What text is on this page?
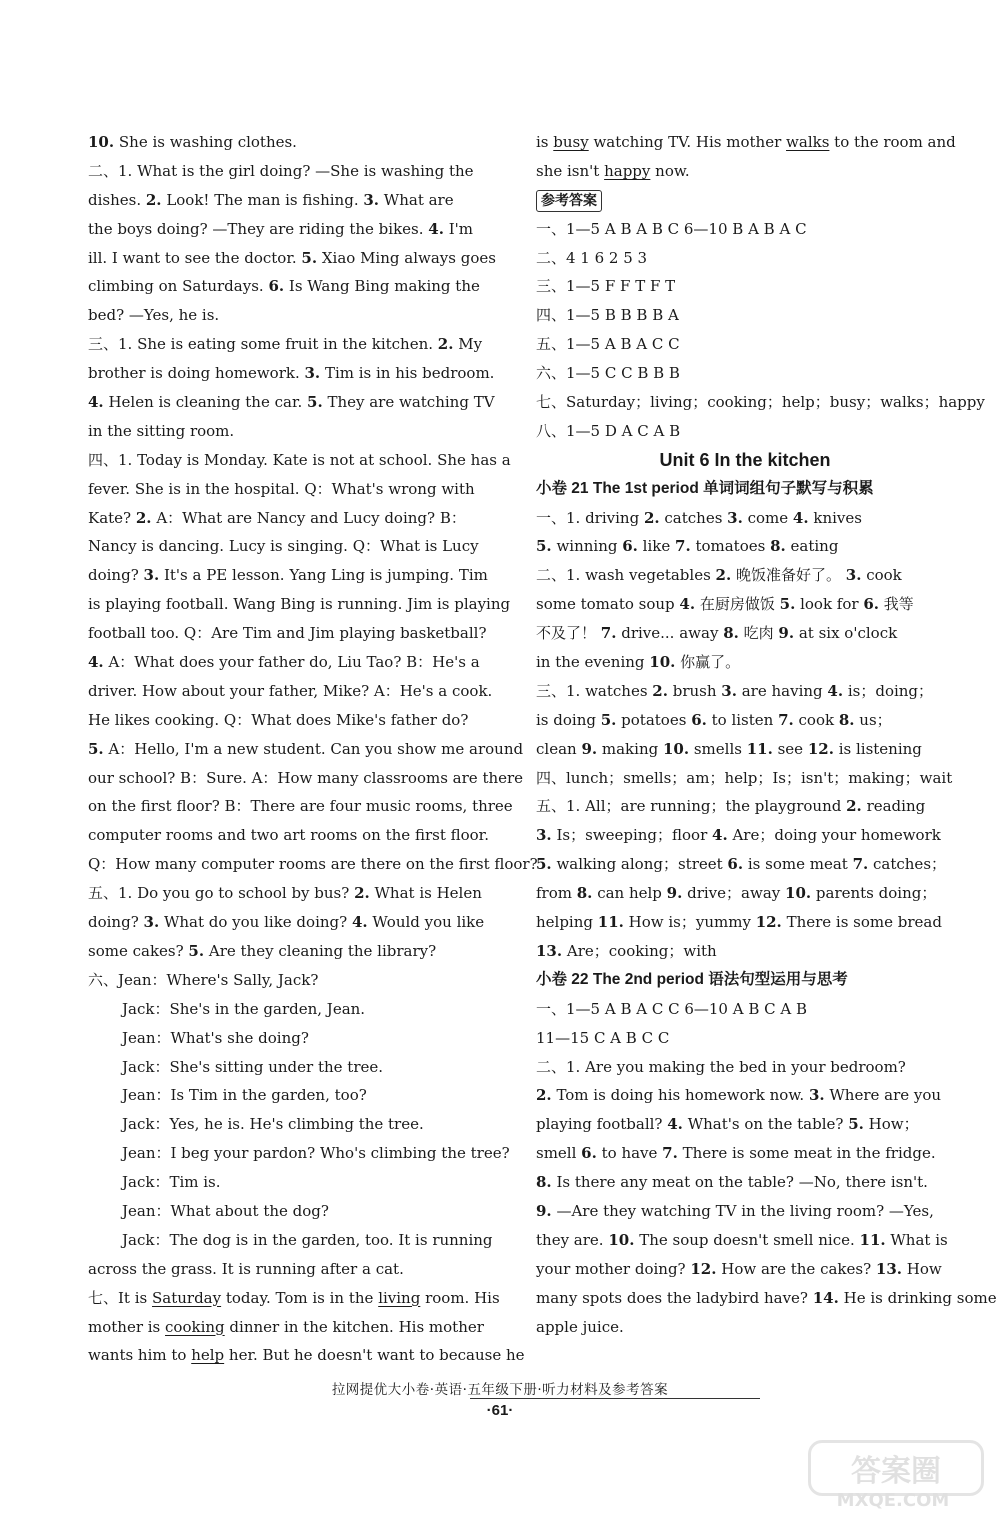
10. She is washing clothes.
二、1. What is the girl doing? —She is washing the
dishes. 2. Look! The man is fishing. 3. What are
the boys doing? —They are riding the bikes. 4. I'm
ill. I want to see the doctor. 5. Xiao Ming always goes
climbing on Saturdays. 6. Is Wang Bing making the
bed? —Yes, he is.
三、1. She is eating some fruit in the kitchen. 2. My
brother is doing homework. 3. Tim is in his bedroom.
4. Helen is cleaning the car. 5. They are watching TV
in the sitting room.
四、1. Today is Monday. Kate is not at school. She has a
fever. She is in the hospital. Q：What's wrong with
Kate? 2. A：What are Nancy and Lucy doing? B：
Nancy is dancing. Lucy is singing. Q：What is Lucy
doing? 3. It's a PE lesson. Yang Ling is jumping. Tim
is playing football. Wang Bing is running. Jim is playing
football too. Q：Are Tim and Jim playing basketball?
4. A：What does your father do, Liu Tao? B：He's a
driver. How about your father, Mike? A：He's a cook.
He likes cooking. Q：What does Mike's father do?
5. A：Hello, I'm a new student. Can you show me around
our school? B：Sure. A：How many classrooms are there
on the first floor? B：There are four music rooms, three
computer rooms and two art rooms on the first floor.
Q：How many computer rooms are there on the first floor?
五、1. Do you go to school by bus? 2. What is Helen
doing? 3. What do you like doing? 4. Would you like
some cakes? 5. Are they cleaning the library?
六、Jean：Where's Sally, Jack?
Jack：She's in the garden, Jean.
Jean：What's she doing?
Jack：She's sitting under the tree.
Jean：Is Tim in the garden, too?
Jack：Yes, he is. He's climbing the tree.
Jean：I beg your pardon? Who's climbing the tree?
Jack：Tim is.
Jean：What about the dog?
Jack：The dog is in the garden, too. It is running
across the grass. It is running after a cat.
七、It is Saturday today. Tom is in the living room. His
mother is cooking dinner in the kitchen. His mother
wants him to help her. But he doesn't want to because he
is busy watching TV. His mother walks to the room and
she isn't happy now.
参考答案
一、1—5 A B A B C 6—10 B A B A C
二、4 1 6 2 5 3
三、1—5 F F T F T
四、1—5 B B B B A
五、1—5 A B A C C
六、1—5 C C B B B
七、Saturday；living；cooking；help；busy；walks；happy
八、1—5 D A C A B
Unit 6 In the kitchen
小卷 21 The 1st period 单词词组句子默写与积累
一、1. driving 2. catches 3. come 4. knives
5. winning 6. like 7. tomatoes 8. eating
二、1. wash vegetables 2. 晚饭准备好了。 3. cook
some tomato soup 4. 在厨房做饭 5. look for 6. 我等
不及了！ 7. drive... away 8. 吃肉 9. at six o'clock
in the evening 10. 你赢了。
三、1. watches 2. brush 3. are having 4. is；doing；
is doing 5. potatoes 6. to listen 7. cook 8. us；
clean 9. making 10. smells 11. see 12. is listening
四、lunch；smells；am；help；Is；isn't；making；wait
五、1. All；are running；the playground 2. reading
3. Is；sweeping；floor 4. Are；doing your homework
5. walking along；street 6. is some meat 7. catches；
from 8. can help 9. drive；away 10. parents doing；
helping 11. How is；yummy 12. There is some bread
13. Are；cooking；with
小卷 22 The 2nd period 语法句型运用与思考
一、1—5 A B A C C 6—10 A B C A B
11—15 C A B C C
二、1. Are you making the bed in your bedroom?
2. Tom is doing his homework now. 3. Where are you
playing football? 4. What's on the table? 5. How；
smell 6. to have 7. There is some meat in the fridge.
8. Is there any meat on the table? —No, there isn't.
9. —Are they watching TV in the living room? —Yes,
they are. 10. The soup doesn't smell nice. 11. What is
your mother doing? 12. How are the cakes? 13. How
many spots does the ladybird have? 14. He is drinking some
apple juice.
拉网提优大小卷·英语·五年级下册·听力材料及参考答案
·61·
答案圈
MXQE.COM
